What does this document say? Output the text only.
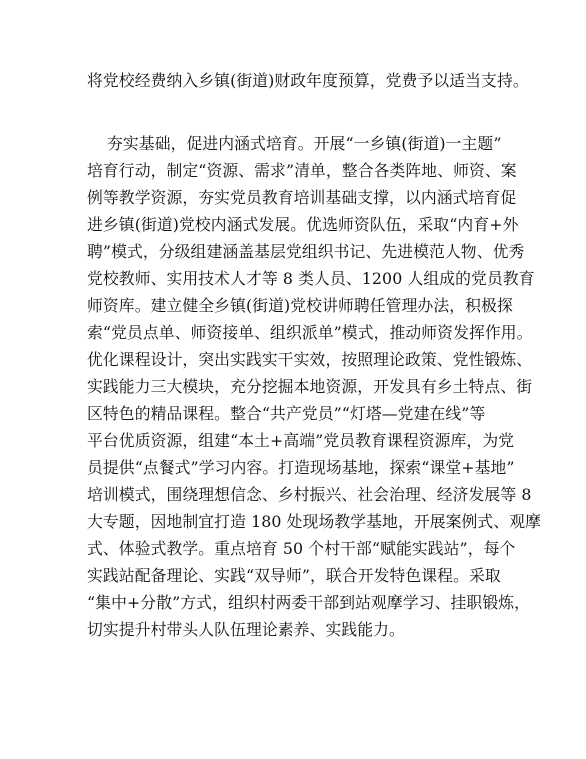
将党校经费纳入乡镇(街道)财政年度预算，党费予以适当支持。
夯实基础，促进内涵式培育。开展“一乡镇(街道)一主题”
培育行动，制定“资源、需求”清单，整合各类阵地、师资、案
例等教学资源，夯实党员教育培训基础支撑，以内涵式培育促
进乡镇(街道)党校内涵式发展。优选师资队伍，采取“内育+外
聘”模式，分级组建涵盖基层党组织书记、先进模范人物、优秀
党校教师、实用技术人才等 8 类人员、1200 人组成的党员教育
师资库。建立健全乡镇(街道)党校讲师聘任管理办法，积极探
索“党员点单、师资接单、组织派单”模式，推动师资发挥作用。
优化课程设计，突出实践实干实效，按照理论政策、党性锻炼、
实践能力三大模块，充分挖掘本地资源，开发具有乡土特点、街
区特色的精品课程。整合“共产党员”“灯塔—党建在线”等
平台优质资源，组建“本土+高端”党员教育课程资源库，为党
员提供“点餐式”学习内容。打造现场基地，探索“课堂+基地”
培训模式，围绕理想信念、乡村振兴、社会治理、经济发展等 8
大专题，因地制宜打造 180 处现场教学基地，开展案例式、观摩
式、体验式教学。重点培育 50 个村干部“赋能实践站”，每个
实践站配备理论、实践“双导师”，联合开发特色课程。采取
“集中+分散”方式，组织村两委干部到站观摩学习、挂职锻炼，
切实提升村带头人队伍理论素养、实践能力。
